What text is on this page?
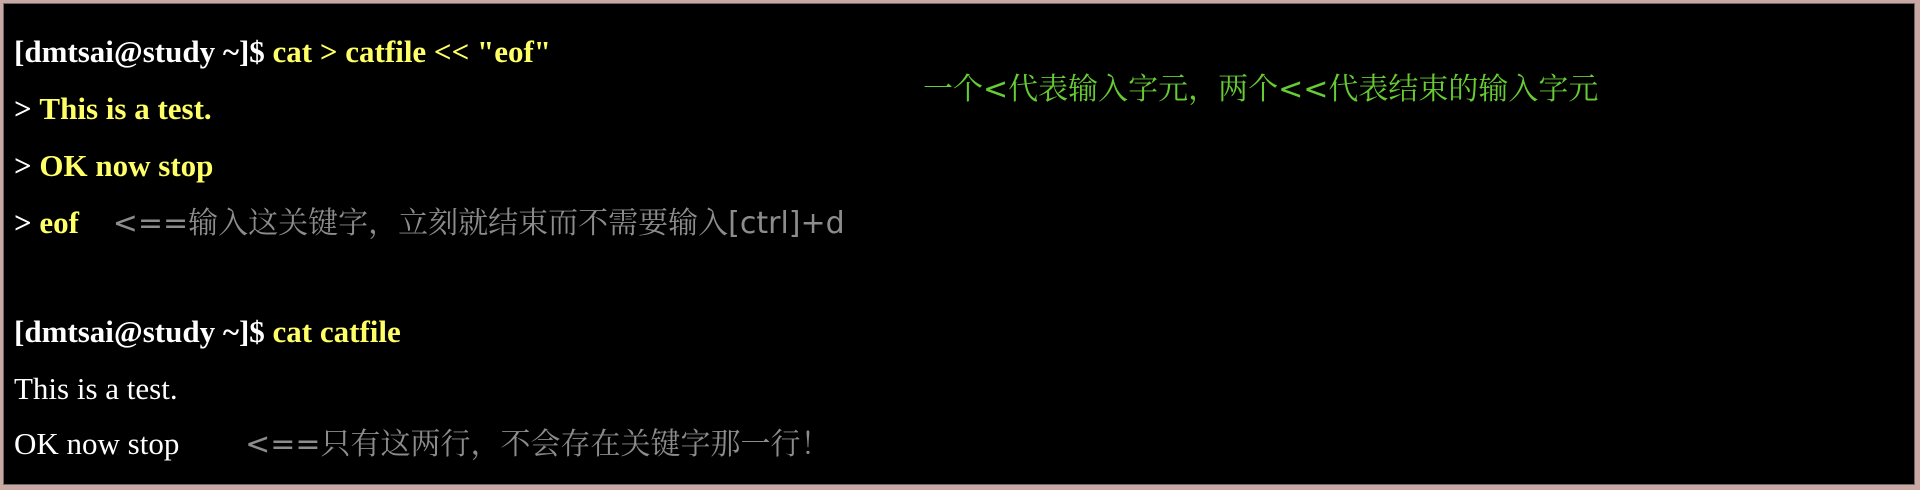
[dmtsai@study ~]$ cat > catfile << "eof"
> This is a test.
> OK now stop
> eof <==输入这关键字，立刻就结束而不需要输入[ctrl]+d
[dmtsai@study ~]$ cat catfile
This is a test.
OK now stop <==只有这两行，不会存在关键字那一行！
一个<代表输入字元，两个<<代表结束的输入字元
